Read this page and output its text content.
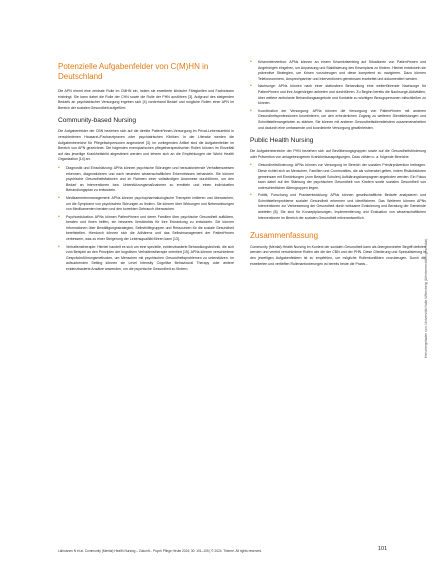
Potenzielle Aufgabenfelder von C(M)HN in Deutschland

Die APN nimmt eine zentrale Rolle im CMHN ein, indem sie erweiterte klinische Fähigkeiten und Fachwissen einbringt. Sie kann dabei die Rolle der CHN sowie die Rolle der PHN ausführen [3]. Aufgrund des steigenden Bedarfs an psychiatrischer Versorgung ergeben sich [4] vorderhand Bedarf und mögliche Rollen einer APN im Bereich der sozialen Gesundheit aufgeführt.

Community-based Nursing

Die Aufgabenfelder der CBN beziehen sich auf die direkte Patient*innen-Versorgung im Privat-Lebensumfeld in verschiedenen Hausarzt-/Facharztpraxen oder psychiatrischen Kliniken. In der Literatur werden die Aufgabenbereiche für Pflegefachpersonen angeordnet [3]. Im vorliegenden Artikel sind die Aufgabenfelder im Bereich von APN gezeichnet. Die folgenden exemplarischen pflegetherapeutischen Rollen können im Einzelfall auf das jeweilige Krankheitsbild abgestimmt werden und lehnen sich an die Empfehlungen der World Health Organization [14] an:

• Diagnostik und Einschätzung: APNs können psychische Störungen und herausfordernde Verhaltensweisen erkennen, diagnostizieren und nach neuesten wissenschaftlichen Erkenntnissen behandeln. Sie können psychische Gesundheitsfaktoren und im Rahmen einer vollständigen Anamnese durchführen, um den Bedarf an Interventionen bzw. Unterstützungsmaßnahmen zu ermitteln und einen individuellen Behandlungsplan zu entwickeln.
• Medikamentenmanagement: APNs können psychopharmakologische Therapien initiieren und überwachen, um die Symptome von psychischen Störungen zu lindern. Sie können über Wirkungen und Nebenwirkungen von Medikamenten beraten und den korrekten Gebrauch überwachen.
• Psychoedukation: APNs können Patient*innen und deren Familien über psychische Gesundheit aufklären, beraten und ihnen helfen, ein besseres Verständnis für ihre Erkrankung zu entwickeln. Sie können Informationen über Bewältigungsstrategien, Selbsthilfegruppen und Ressourcen für die soziale Gesundheit bereitstellen. Hierdurch können sich die Adhärenz und das Selbstmanagement der Patient*innen verbessern, was zu einer Steigerung der Lebensqualität führen kann [13].
• Verhaltenstherapie: Hierbei handelt es sich um eine spezielle, evidenzbasierte Behandlungstechnik, die sich zum Beispiel an den Prinzipien der kognitiven Verhaltenstherapie orientiert [15]. APNs können verschiedene Gesprächsführungsmethoden, um Menschen mit psychischen Gesundheitsproblemen zu unterstützen. Im aufsuchenden Setting können sie Level Intensity Cognitive Behavioural Therapy oder andere evidenzbasierte Ansätze anwenden, um die psychische Gesundheit zu fördern.
• Krisenintervention: APNs können an einem Krisenkrisenbleg auf Situationen von Patient*innen und Angehörigen eingehen, um Anpassung und Stabilisierung des Krisenplans zu fördern. Hierbei entwickeln sie präventive Strategien, um Krisen vorzubeugen und diese kompetent zu navigieren. Dazu können Telefonnummern, Ansprechpartner und Interventionen gemeinsam erarbeitet und dokumentiert werden.
• Nachsorge: APNs können nach einer stationären Behandlung eine weiterführende Nachsorge für Patient*innen und ihre Angehörigen anbieten und durchführen. Zu Beginn bereits die Nachsorge-Aktivitäten, über weitere ambulante Behandlungsangebote und Kontakte zu wichtigen Bezugspersonen mitschließen zu können.
• Koordination der Versorgung: APNs können die Versorgung von Patient*innen mit anderen Gesundheitsprofessionen koordinieren, um den erforderlichen Zugang zu weiteren Dienstleistungen und Schnittstellenangeboten zu stärken. Sie können mit anderen Gesundheitsdienstleistern zusammenarbeiten und dadurch eine umfassende und koordinierte Versorgung gewährleisten.
Public Health Nursing

Die Aufgabenbereiche der PHN beziehen sich auf Bevölkerungsgruppen sowie auf die Gesundheitsförderung oder Prävention von anlagebezogenen Krankheitsausprägungen. Dazu zählen u. a. folgende Bereiche:

• Gesundheitsförderung: APNs können zur Versorgung im Bereich der sozialen Primärprävention beitragen. Diese richtet sich an Menschen, Familien und Communities, die als vulnerabel gelten, indem Risikofaktoren gemeinsam mit Einrichtungen (zum Beispiel Schulen) Aufklärungskampagnen angeboten werden. Ein Fokus kann dabei auf der Stärkung der psychischen Gesundheit von Kindern sowie sozialen Gesundheit von unterschiedlichen Altersgruppen liegen.
• Politik, Forschung und Praxisentwicklung: APNs können gesellschaftliche Bedarfe analysieren und Schnittstellenprobleme sozialer Gesundheit erkennen und identifizieren. Das Weiteren können APNs Interventionen zur Verbesserung der Gesundheit durch wirksame Evaluierung und Beratung der Gemeinde anbieten [8]. Sie sind für Konzeptplanungen, Implementierung und Evaluation von wissenschaftlichen Interventionen im Bereich der sozialen Gesundheit mitverantwortlich.
Zusammenfassung

Community (Mental) Health Nursing im Kontext der sozialen Gesundheit kann als übergeordneter Begriff definiert werden und vereint verschiedene Rollen wie die der CBN und der PHN. Diese Gliederung und Spezialisierung in den jeweiligen Aufgabenfeldern ist zu empfehlen, um mögliche Rollenkonflikten vorzubeugen. Durch die erweiterten und vertieften Rollenanforderungen ist bereits heute die Praxis...

Laihoanen N et al. Community (Mental) Health Nursing – Zukunft... Psych Pflege Heute 2024; 30: 101–105 | © 2024. Thieme. All rights reserved.	101
Heruntergeladen von: Universität Halle-Wittenberg (Urheberrechtlich geschützt).
